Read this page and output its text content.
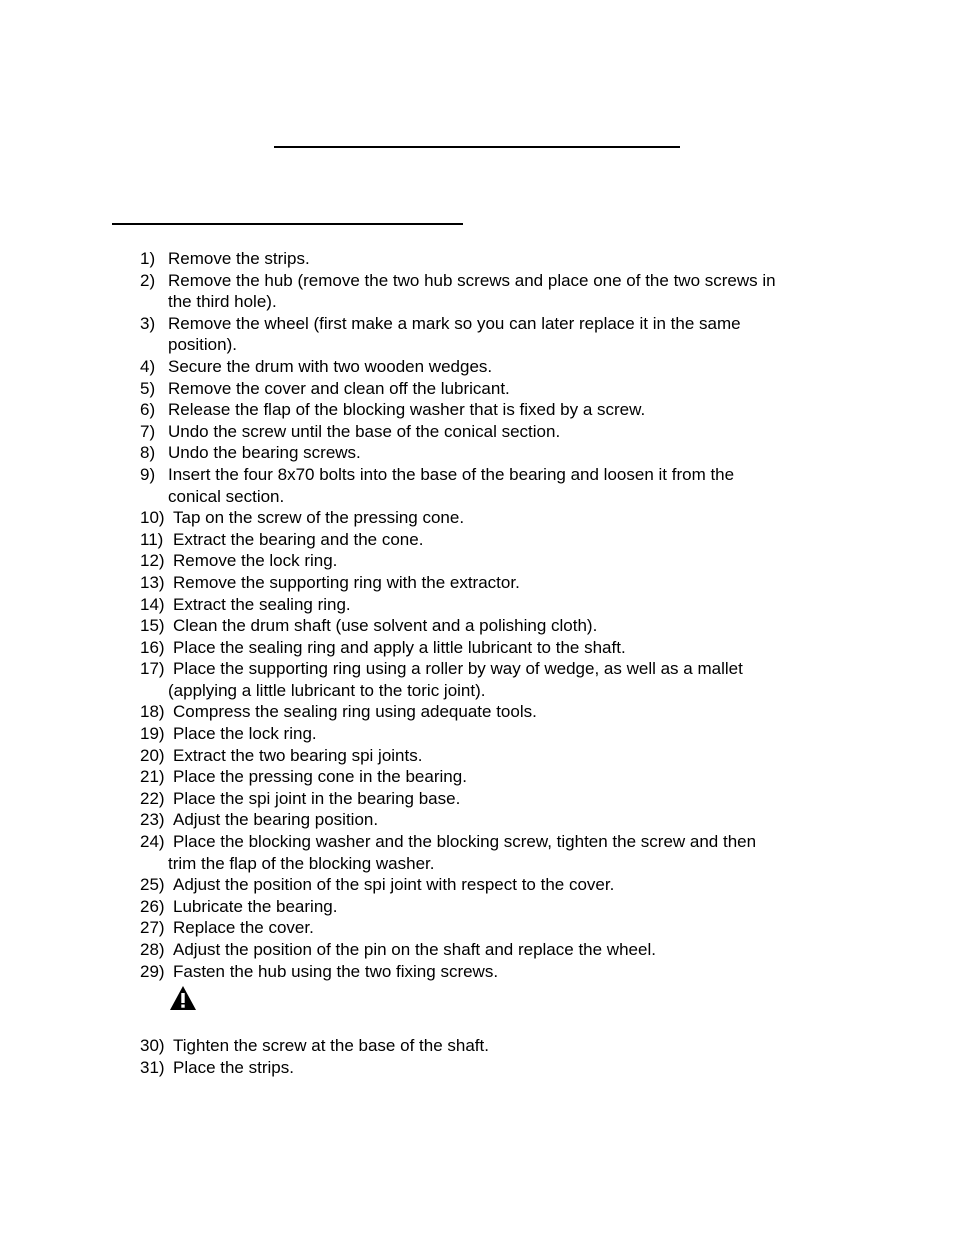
1) Remove the strips.
2) Remove the hub (remove the two hub screws and place one of the two screws in
the third hole).
3) Remove the wheel (first make a mark so you can later replace it in the same
position).
4) Secure the drum with two wooden wedges.
5) Remove the cover and clean off the lubricant.
6) Release the flap of the blocking washer that is fixed by a screw.
7) Undo the screw until the base of the conical section.
8) Undo the bearing screws.
9) Insert the four 8x70 bolts into the base of the bearing and loosen it from the
conical section.
10) Tap on the screw of the pressing cone.
11) Extract the bearing and the cone.
12) Remove the lock ring.
13) Remove the supporting ring with the extractor.
14) Extract the sealing ring.
15) Clean the drum shaft (use solvent and a polishing cloth).
16) Place the sealing ring and apply a little lubricant to the shaft.
17) Place the supporting ring using a roller by way of wedge, as well as a mallet
(applying a little lubricant to the toric joint).
18) Compress the sealing ring using adequate tools.
19) Place the lock ring.
20) Extract the two bearing spi joints.
21) Place the pressing cone in the bearing.
22) Place the spi joint in the bearing base.
23) Adjust the bearing position.
24) Place the blocking washer and the blocking screw, tighten the screw and then
trim the flap of the blocking washer.
25) Adjust the position of the spi joint with respect to the cover.
26) Lubricate the bearing.
27) Replace the cover.
28) Adjust the position of the pin on the shaft and replace the wheel.
29) Fasten the hub using the two fixing screws.
30) Tighten the screw at the base of the shaft.
31) Place the strips.
